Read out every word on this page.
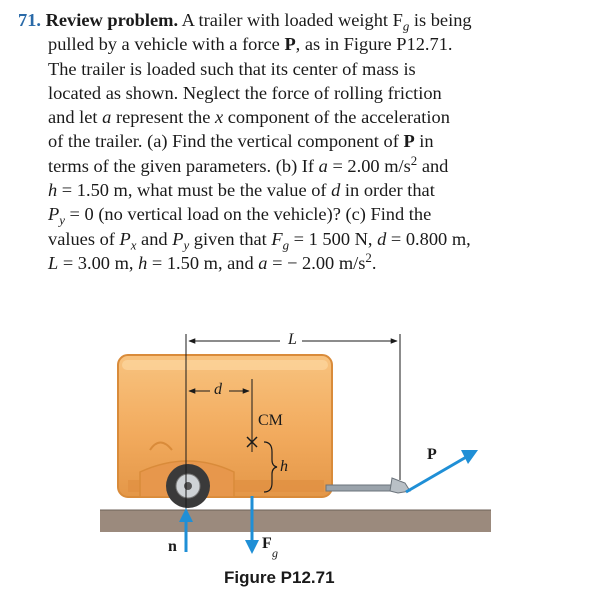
71. Review problem. A trailer with loaded weight $F_g$ is being
pulled by a vehicle with a force P, as in Figure P12.71.
The trailer is loaded such that its center of mass is
located as shown. Neglect the force of rolling friction
and let a represent the x component of the acceleration
of the trailer. (a) Find the vertical component of P in
terms of the given parameters. (b) If a = 2.00 $m/s^2$ and
h = 1.50 m, what must be the value of d in order that
$P_y = 0$ (no vertical load on the vehicle)? (c) Find the
values of $P_x$ and $P_y$ given that $F_g = 1$ 500 N, d = 0.800 m,
L = 3.00 m, h = 1.50 m, and a = − 2.00 $m/s^2$.
L
d
CM
h
P
n	F
g
Figure P12.71
